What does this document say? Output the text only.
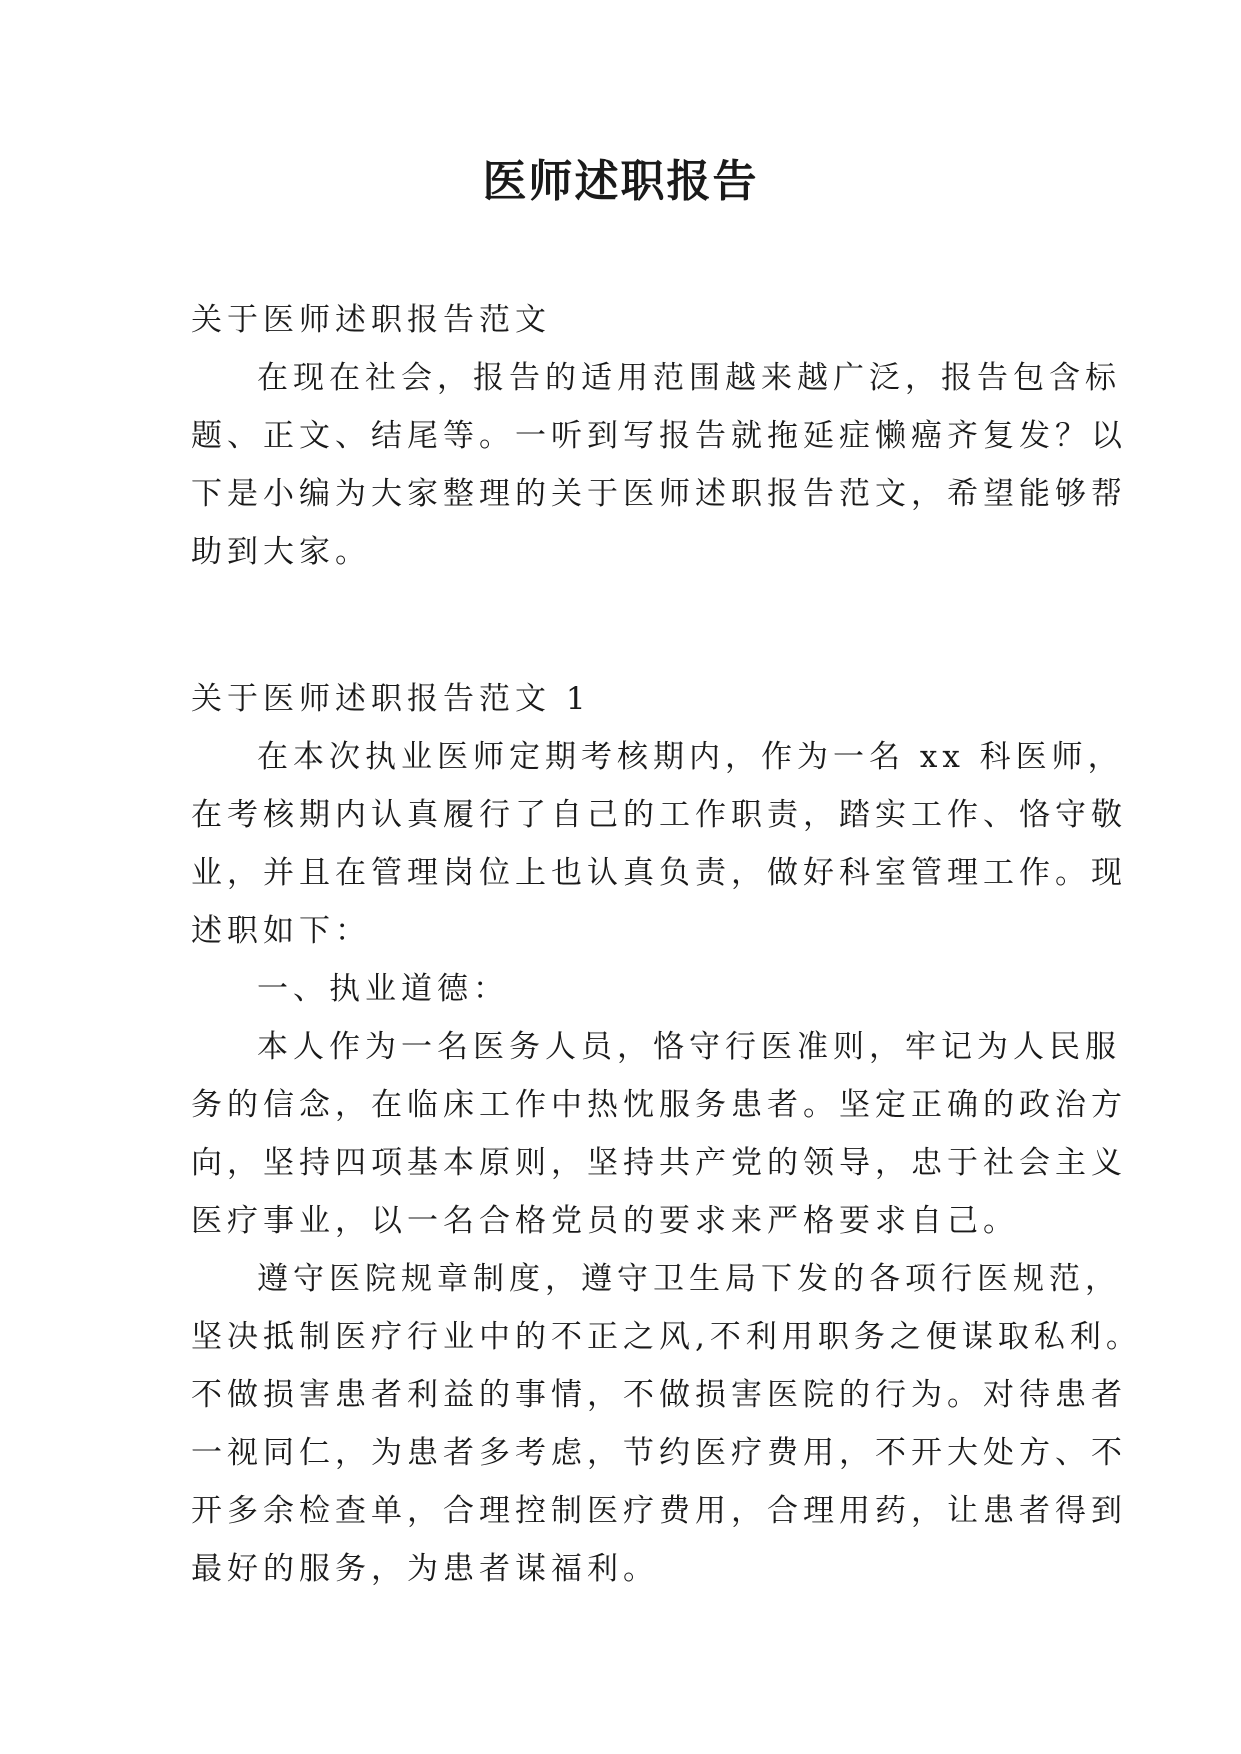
医师述职报告
关于医师述职报告范文
在现在社会，报告的适用范围越来越广泛，报告包含标
题、正文、结尾等。一听到写报告就拖延症懒癌齐复发？以
下是小编为大家整理的关于医师述职报告范文，希望能够帮
助到大家。
关于医师述职报告范文 1
在本次执业医师定期考核期内，作为一名 xx 科医师，
在考核期内认真履行了自己的工作职责，踏实工作、恪守敬
业，并且在管理岗位上也认真负责，做好科室管理工作。现
述职如下：
一、执业道德：
本人作为一名医务人员，恪守行医准则，牢记为人民服
务的信念，在临床工作中热忱服务患者。坚定正确的政治方
向，坚持四项基本原则，坚持共产党的领导，忠于社会主义
医疗事业，以一名合格党员的要求来严格要求自己。
遵守医院规章制度，遵守卫生局下发的各项行医规范，
坚决抵制医疗行业中的不正之风,不利用职务之便谋取私利。
不做损害患者利益的事情，不做损害医院的行为。对待患者
一视同仁，为患者多考虑，节约医疗费用，不开大处方、不
开多余检查单，合理控制医疗费用，合理用药，让患者得到
最好的服务，为患者谋福利。
